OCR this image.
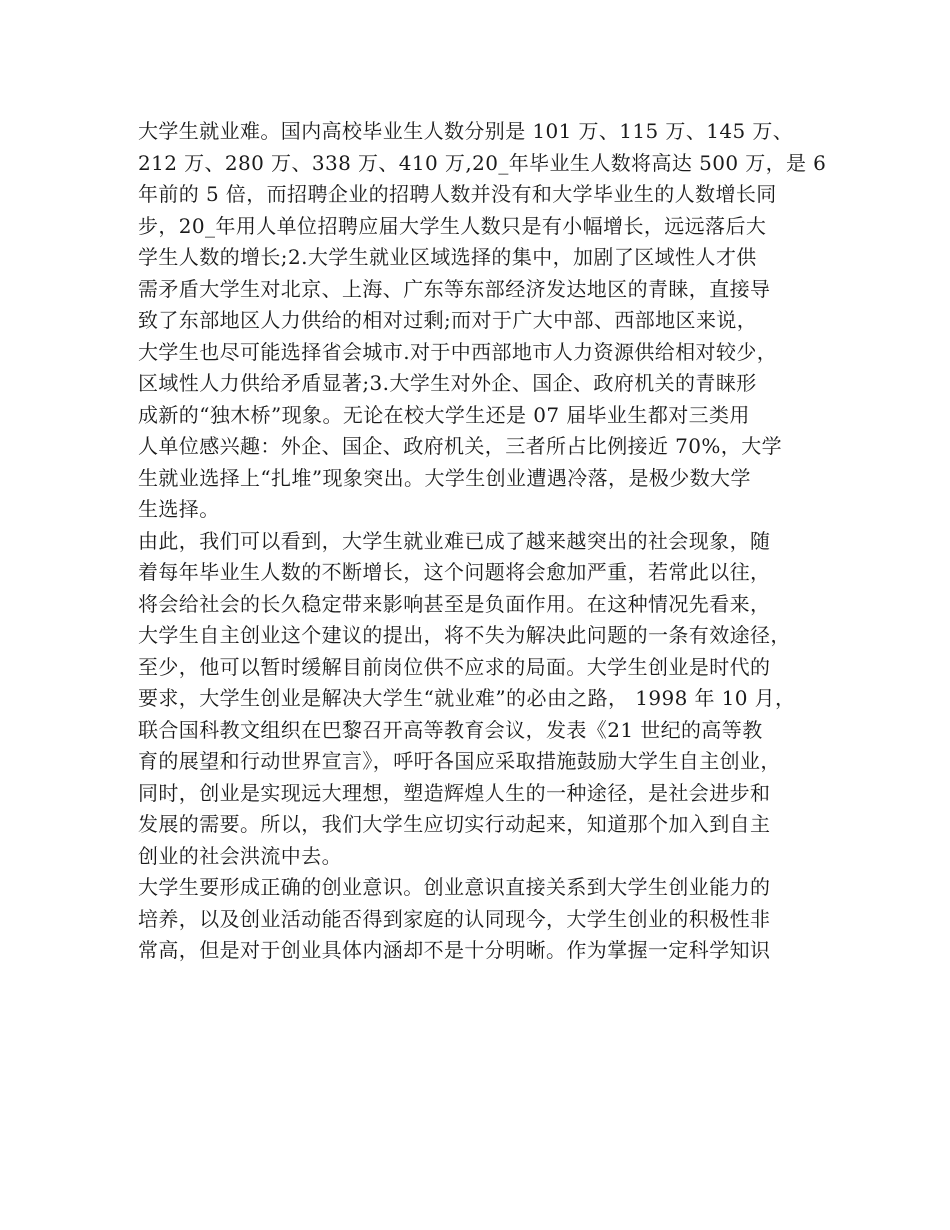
大学生就业难。国内高校毕业生人数分别是 101 万、115 万、145 万、
212 万、280 万、338 万、410 万,20_年毕业生人数将高达 500 万，是 6
年前的 5 倍，而招聘企业的招聘人数并没有和大学毕业生的人数增长同
步，20_年用人单位招聘应届大学生人数只是有小幅增长，远远落后大
学生人数的增长;2.大学生就业区域选择的集中，加剧了区域性人才供
需矛盾大学生对北京、上海、广东等东部经济发达地区的青睐，直接导
致了东部地区人力供给的相对过剩;而对于广大中部、西部地区来说，
大学生也尽可能选择省会城市.对于中西部地市人力资源供给相对较少，
区域性人力供给矛盾显著;3.大学生对外企、国企、政府机关的青睐形
成新的“独木桥”现象。无论在校大学生还是 07 届毕业生都对三类用
人单位感兴趣：外企、国企、政府机关，三者所占比例接近 70%，大学
生就业选择上“扎堆”现象突出。大学生创业遭遇冷落，是极少数大学
生选择。

由此，我们可以看到，大学生就业难已成了越来越突出的社会现象，随
着每年毕业生人数的不断增长，这个问题将会愈加严重，若常此以往，
将会给社会的长久稳定带来影响甚至是负面作用。在这种情况先看来，
大学生自主创业这个建议的提出，将不失为解决此问题的一条有效途径，
至少，他可以暂时缓解目前岗位供不应求的局面。大学生创业是时代的
要求，大学生创业是解决大学生“就业难”的必由之路， 1998 年 10 月，
联合国科教文组织在巴黎召开高等教育会议，发表《21 世纪的高等教
育的展望和行动世界宣言》，呼吁各国应采取措施鼓励大学生自主创业，
同时，创业是实现远大理想，塑造辉煌人生的一种途径，是社会进步和
发展的需要。所以，我们大学生应切实行动起来，知道那个加入到自主
创业的社会洪流中去。

大学生要形成正确的创业意识。创业意识直接关系到大学生创业能力的
培养，以及创业活动能否得到家庭的认同现今，大学生创业的积极性非
常高，但是对于创业具体内涵却不是十分明晰。作为掌握一定科学知识
